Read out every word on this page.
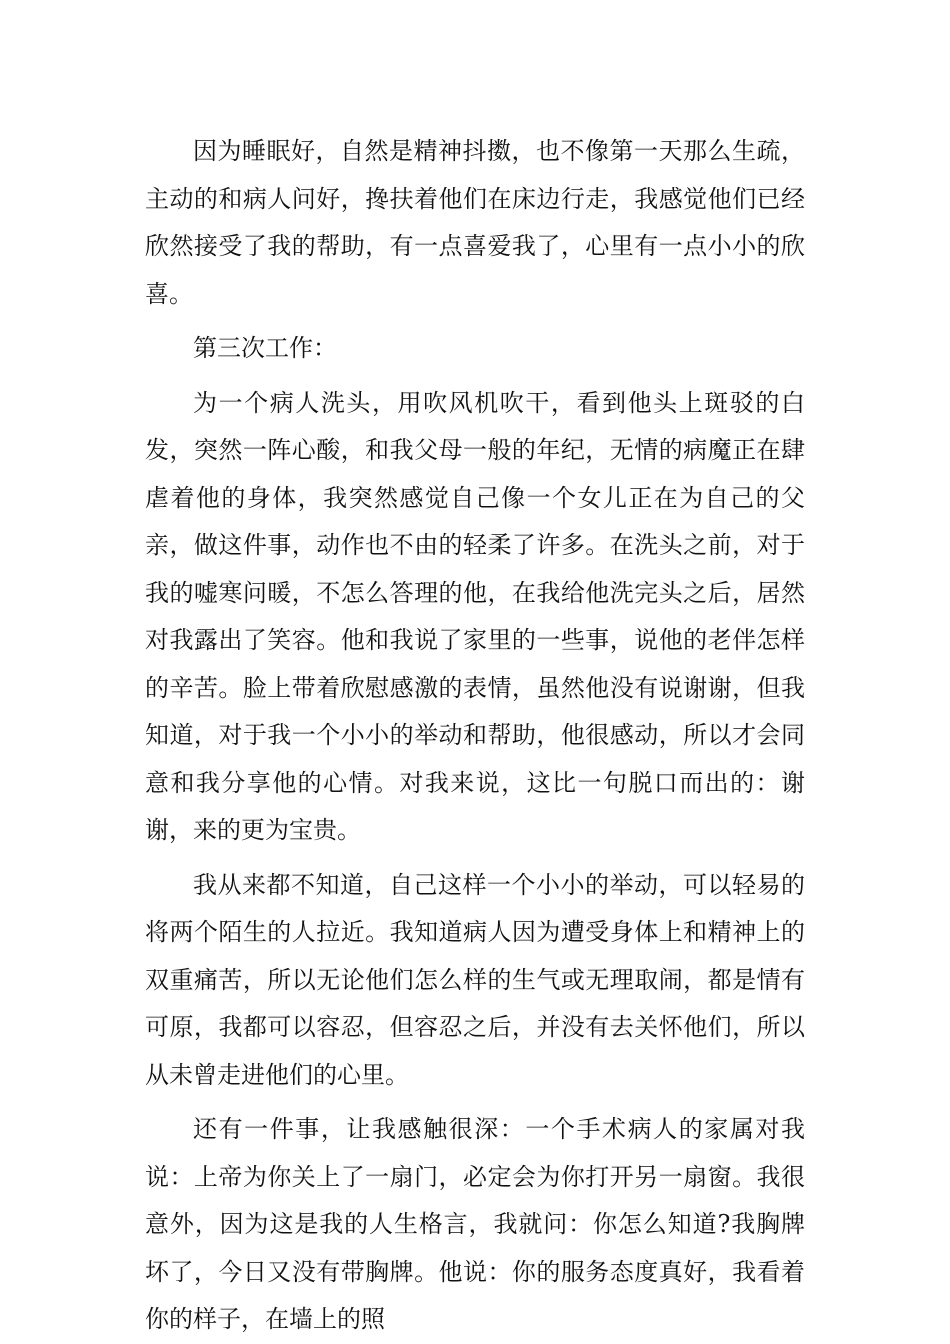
因为睡眠好，自然是精神抖擞，也不像第一天那么生疏，主动的和病人问好，搀扶着他们在床边行走，我感觉他们已经欣然接受了我的帮助，有一点喜爱我了，心里有一点小小的欣喜。

第三次工作：

为一个病人洗头，用吹风机吹干，看到他头上斑驳的白发，突然一阵心酸，和我父母一般的年纪，无情的病魔正在肆虐着他的身体，我突然感觉自己像一个女儿正在为自己的父亲，做这件事，动作也不由的轻柔了许多。在洗头之前，对于我的嘘寒问暖，不怎么答理的他，在我给他洗完头之后，居然对我露出了笑容。他和我说了家里的一些事，说他的老伴怎样的辛苦。脸上带着欣慰感激的表情，虽然他没有说谢谢，但我知道，对于我一个小小的举动和帮助，他很感动，所以才会同意和我分享他的心情。对我来说，这比一句脱口而出的：谢谢，来的更为宝贵。

我从来都不知道，自己这样一个小小的举动，可以轻易的将两个陌生的人拉近。我知道病人因为遭受身体上和精神上的双重痛苦，所以无论他们怎么样的生气或无理取闹，都是情有可原，我都可以容忍，但容忍之后，并没有去关怀他们，所以从未曾走进他们的心里。

还有一件事，让我感触很深：一个手术病人的家属对我说：上帝为你关上了一扇门，必定会为你打开另一扇窗。我很意外，因为这是我的人生格言，我就问：你怎么知道?我胸牌坏了，今日又没有带胸牌。他说：你的服务态度真好，我看着你的样子，在墙上的照
